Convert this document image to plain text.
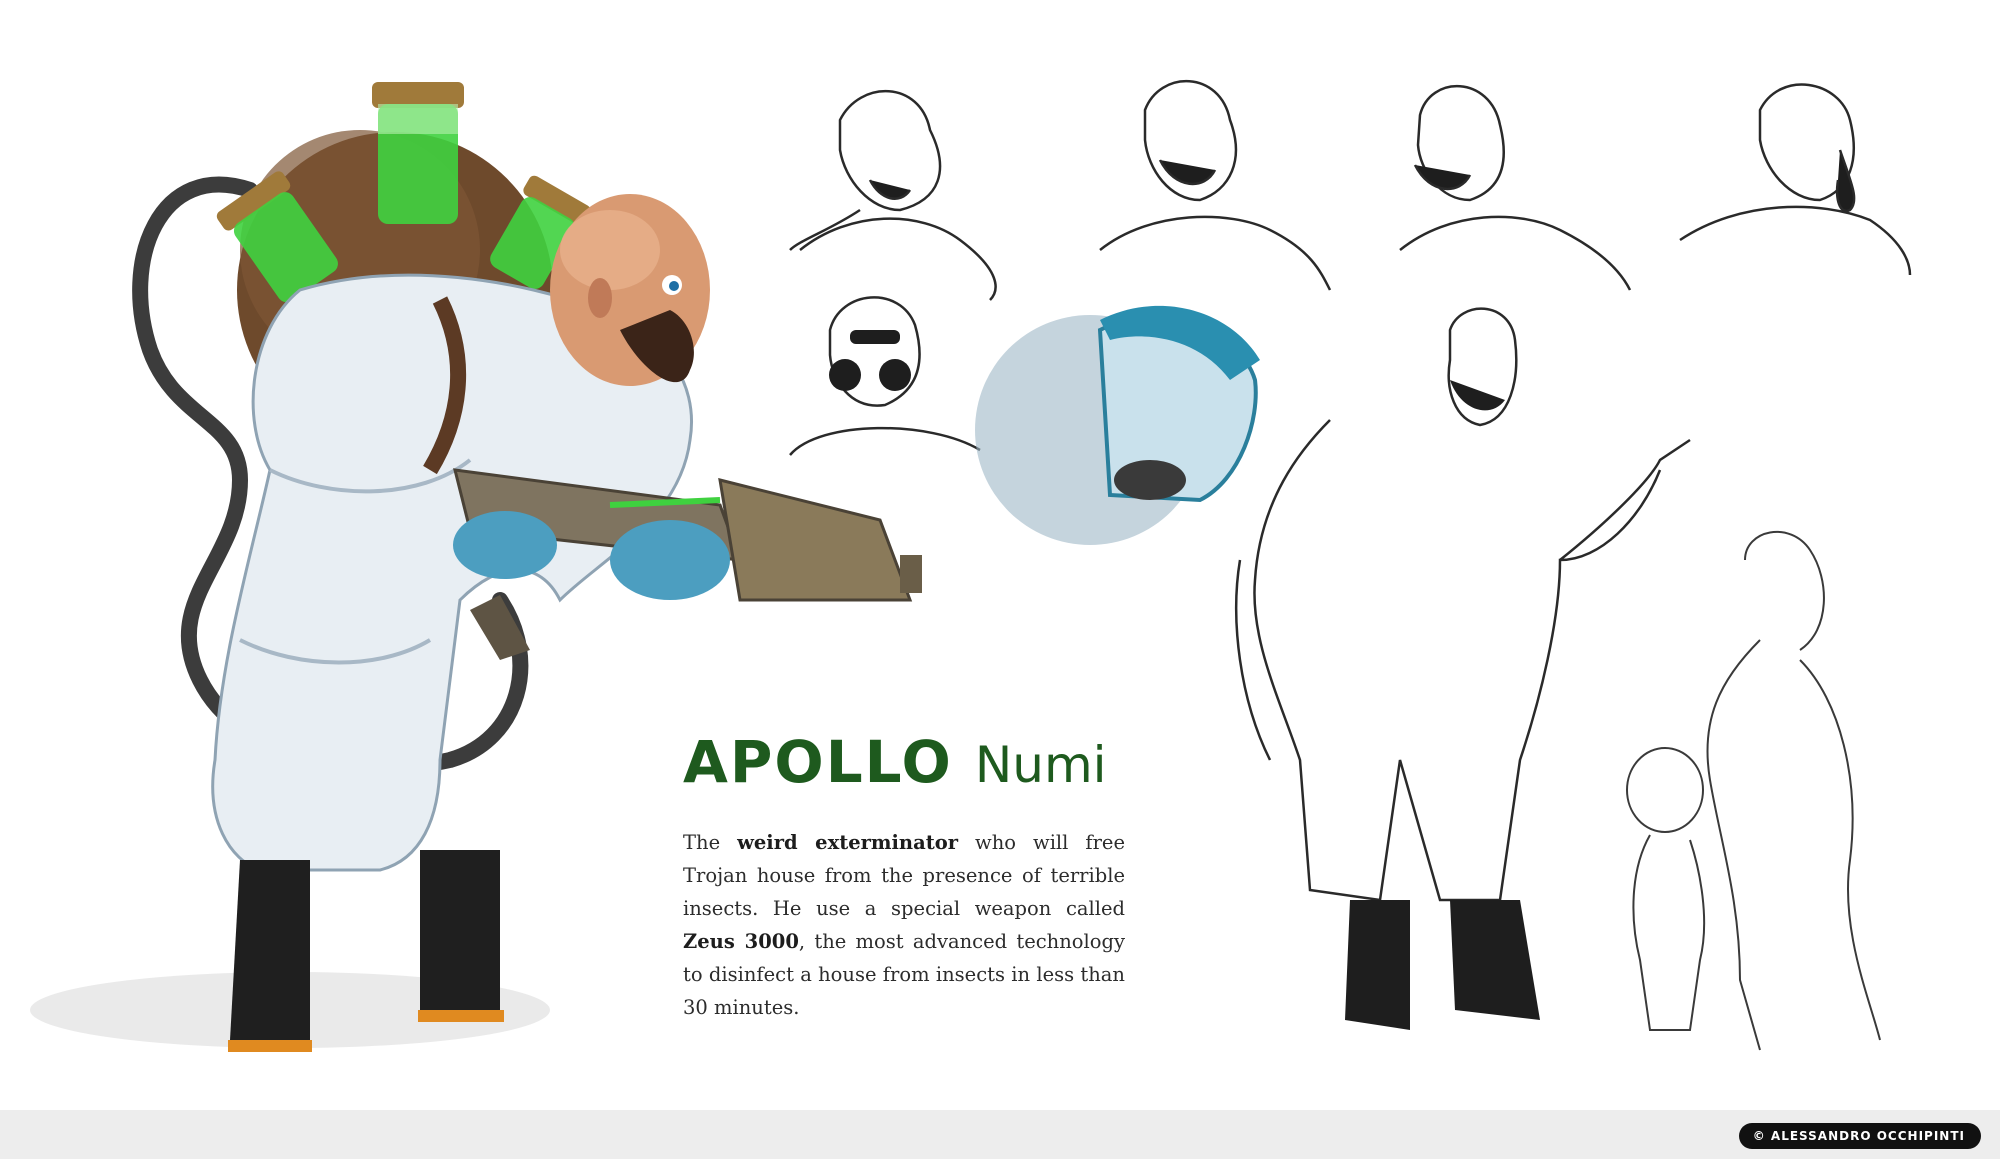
APOLLO Numi
The weird exterminator who will free Trojan house from the presence of terrible insects. He use a special weapon called Zeus 3000, the most advanced technology to disinfect a house from insects in less than 30 minutes.
© ALESSANDRO OCCHIPINTI
